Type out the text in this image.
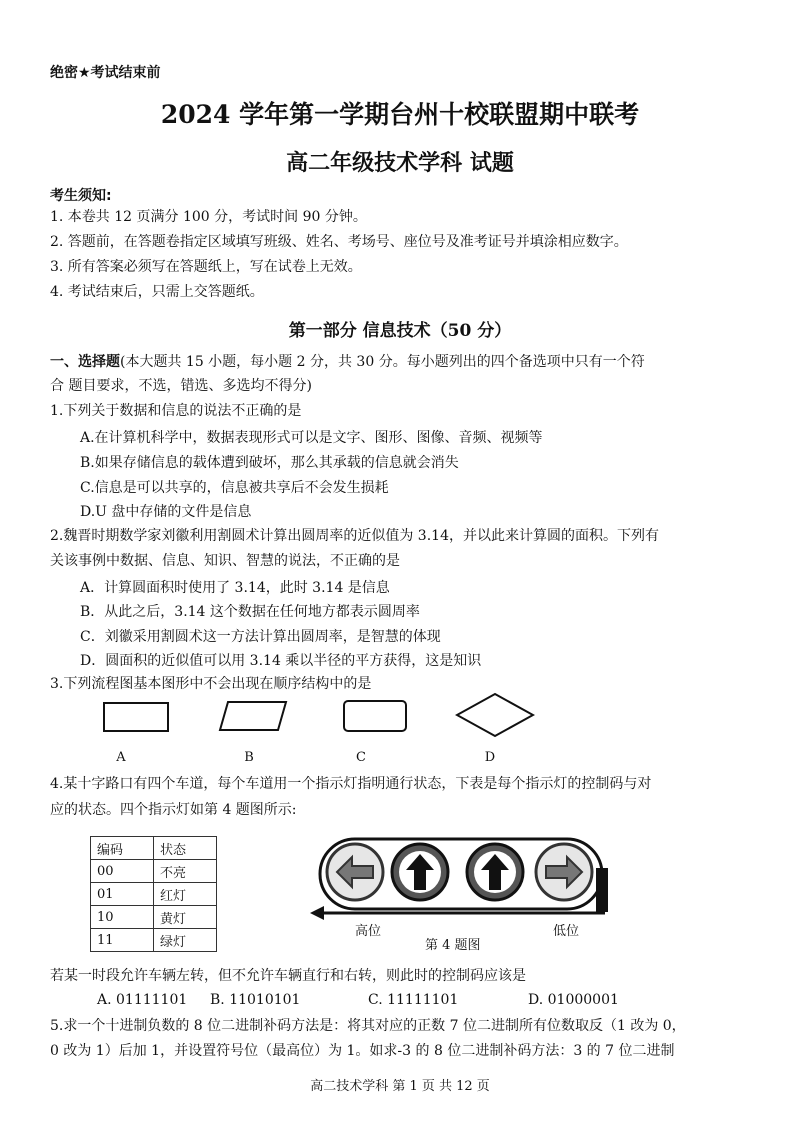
绝密★考试结束前
2024 学年第一学期台州十校联盟期中联考
高二年级技术学科 试题
考生须知:
1. 本卷共 12 页满分 100 分，考试时间 90 分钟。
2. 答题前，在答题卷指定区域填写班级、姓名、考场号、座位号及准考证号并填涂相应数字。
3. 所有答案必须写在答题纸上，写在试卷上无效。
4. 考试结束后，只需上交答题纸。
第一部分 信息技术（50 分）
一、选择题(本大题共 15 小题，每小题 2 分，共 30 分。每小题列出的四个备选项中只有一个符
合 题目要求，不选，错选、多选均不得分)
1.下列关于数据和信息的说法不正确的是
A.在计算机科学中，数据表现形式可以是文字、图形、图像、音频、视频等
B.如果存储信息的载体遭到破坏，那么其承载的信息就会消失
C.信息是可以共享的，信息被共享后不会发生损耗
D.U 盘中存储的文件是信息
2.魏晋时期数学家刘徽利用割圆术计算出圆周率的近似值为 3.14，并以此来计算圆的面积。下列有
关该事例中数据、信息、知识、智慧的说法，不正确的是
A．计算圆面积时使用了 3.14，此时 3.14 是信息
B．从此之后，3.14 这个数据在任何地方都表示圆周率
C．刘徽采用割圆术这一方法计算出圆周率，是智慧的体现
D．圆面积的近似值可以用 3.14 乘以半径的平方获得，这是知识
3.下列流程图基本图形中不会出现在顺序结构中的是
A	B	C	D
4.某十字路口有四个车道，每个车道用一个指示灯指明通行状态，下表是每个指示灯的控制码与对
应的状态。四个指示灯如第 4 题图所示:
编码	状态
00	不亮
01	红灯
10	黄灯
11	绿灯
高位
第 4 题图
低位
若某一时段允许车辆左转，但不允许车辆直行和右转，则此时的控制码应该是
A. 01111101 B. 11010101	C. 11111101	D. 01000001
5.求一个十进制负数的 8 位二进制补码方法是：将其对应的正数 7 位二进制所有位数取反（1 改为 0，
0 改为 1）后加 1，并设置符号位（最高位）为 1。如求-3 的 8 位二进制补码方法：3 的 7 位二进制
高二技术学科 第 1 页 共 12 页
